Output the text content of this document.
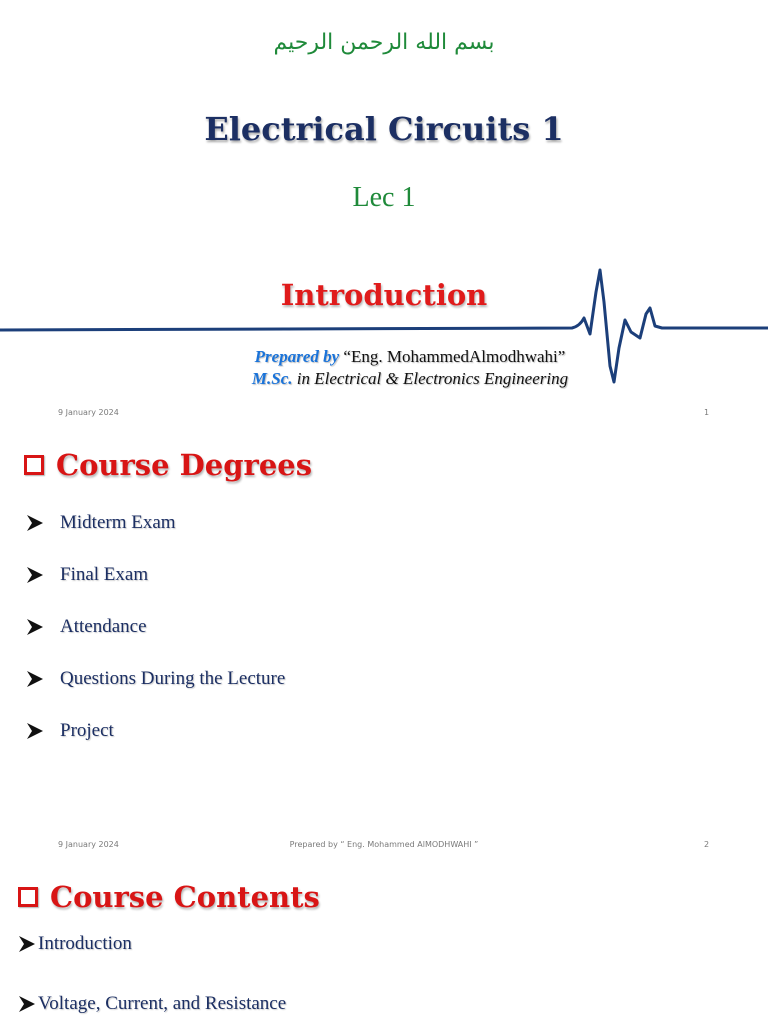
بسم الله الرحمن الرحيم
Electrical Circuits 1
Lec 1
Introduction
Prepared by “Eng. MohammedAlmodhwahi”
M.Sc. in Electrical & Electronics Engineering
9 January 2024	1
Course Degrees
Midterm Exam
Final Exam
Attendance
Questions During the Lecture
Project
9 January 2024	Prepared by “ Eng. Mohammed AlMODHWAHI ”	2
Course Contents
Introduction
Voltage, Current, and Resistance
